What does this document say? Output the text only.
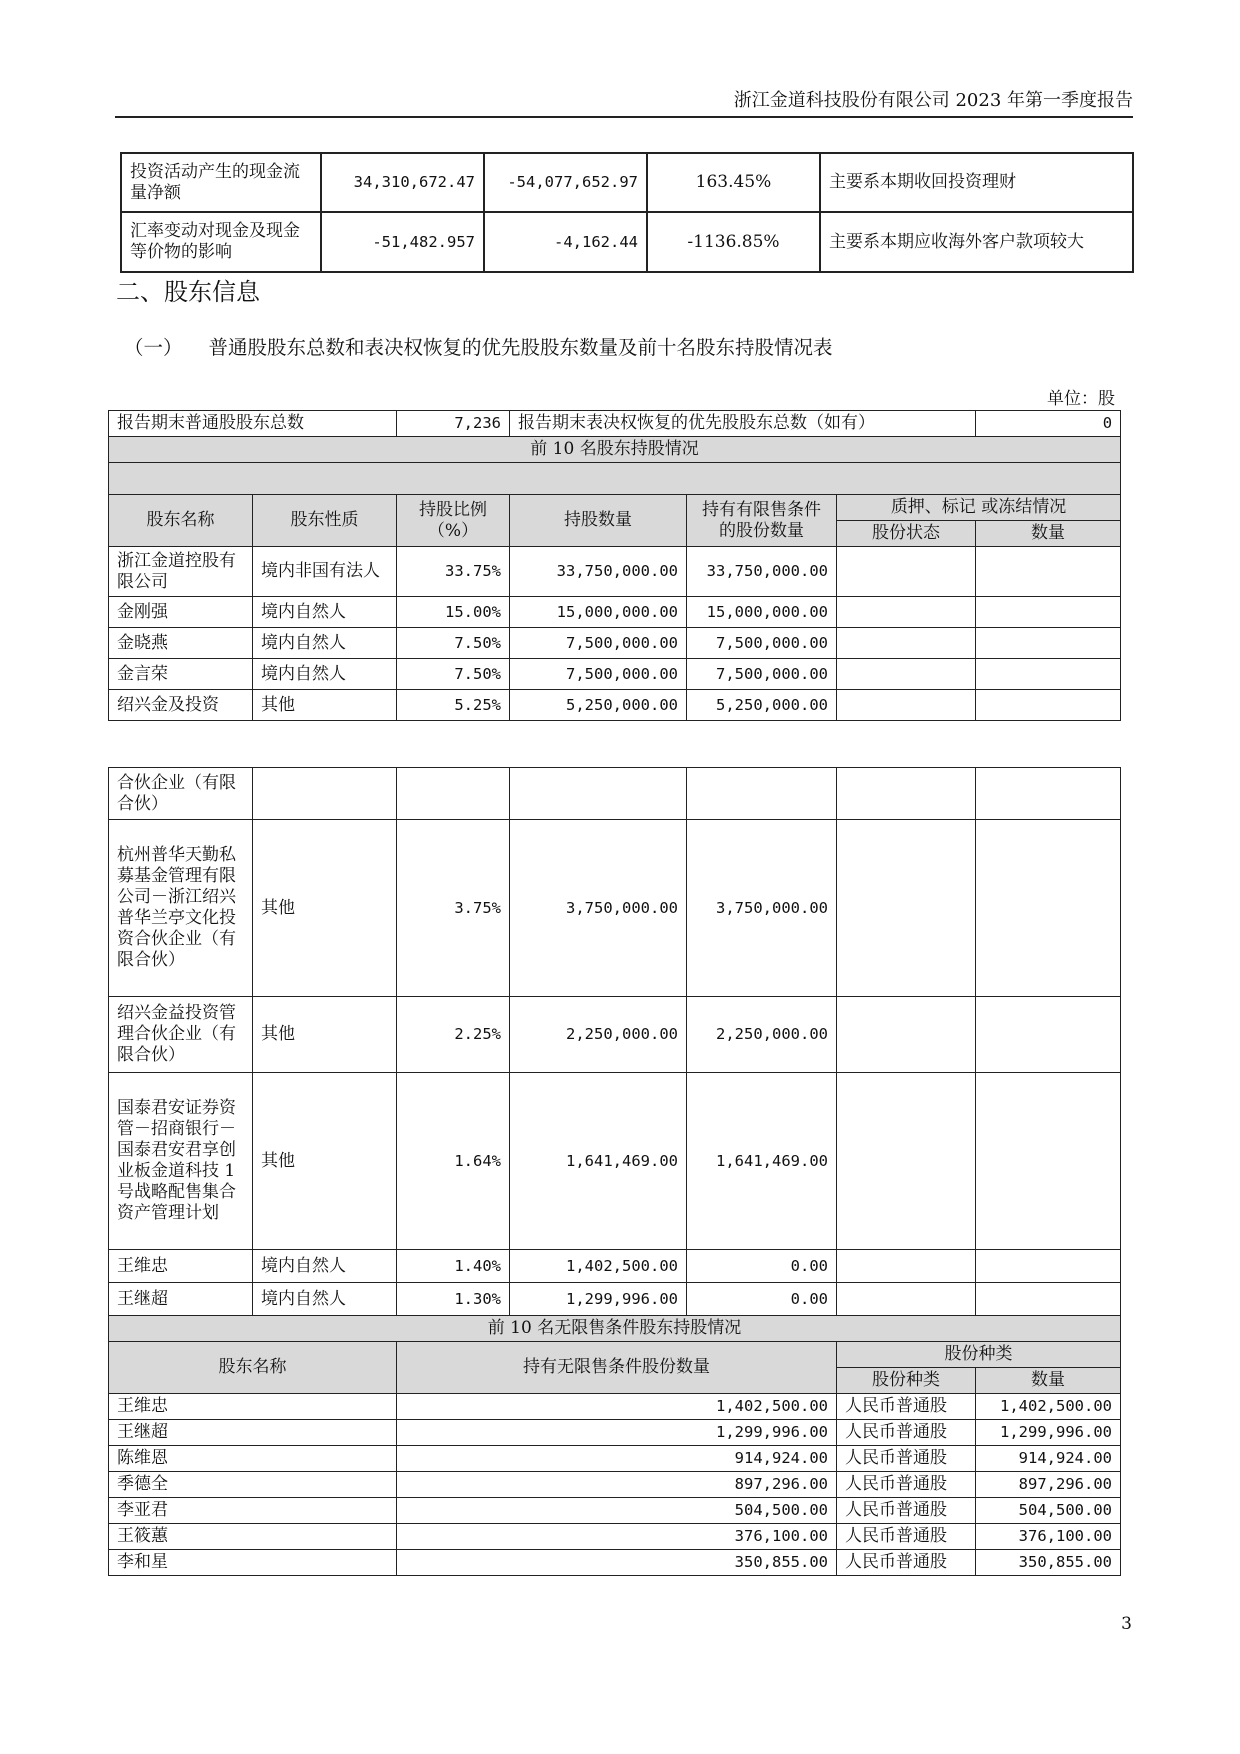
浙江金道科技股份有限公司 2023 年第一季度报告
投资活动产生的现金流量净额	34,310,672.47	-54,077,652.97	163.45%	主要系本期收回投资理财
汇率变动对现金及现金等价物的影响	-51,482.957	-4,162.44	-1136.85%	主要系本期应收海外客户款项较大
二、股东信息
（一） 普通股股东总数和表决权恢复的优先股股东数量及前十名股东持股情况表
单位：股
报告期末普通股股东总数		7,236	报告期末表决权恢复的优先股股东总数（如有）			0
前 10 名股东持股情况						

股东名称	股东性质	持股比例（%）	持股数量	持有有限售条件的股份数量	质押、标记 或冻结情况	
					股份状态	数量
浙江金道控股有限公司	境内非国有法人	33.75%	33,750,000.00	33,750,000.00		
金刚强	境内自然人	15.00%	15,000,000.00	15,000,000.00		
金晓燕	境内自然人	7.50%	7,500,000.00	7,500,000.00		
金言荣	境内自然人	7.50%	7,500,000.00	7,500,000.00		
绍兴金及投资	其他	5.25%	5,250,000.00	5,250,000.00		
合伙企业（有限合伙）						
杭州普华天勤私募基金管理有限公司－浙江绍兴普华兰亭文化投资合伙企业（有限合伙）	其他	3.75%	3,750,000.00	3,750,000.00		
绍兴金益投资管理合伙企业（有限合伙）	其他	2.25%	2,250,000.00	2,250,000.00		
国泰君安证券资管－招商银行－国泰君安君享创业板金道科技 1 号战略配售集合资产管理计划	其他	1.64%	1,641,469.00	1,641,469.00		
王维忠	境内自然人	1.40%	1,402,500.00	0.00		
王继超	境内自然人	1.30%	1,299,996.00	0.00		
前 10 名无限售条件股东持股情况						
股东名称		持有无限售条件股份数量			股份种类	
					股份种类	数量
王维忠		1,402,500.00			人民币普通股	1,402,500.00
王继超		1,299,996.00			人民币普通股	1,299,996.00
陈维恩		914,924.00			人民币普通股	914,924.00
季德全		897,296.00			人民币普通股	897,296.00
李亚君		504,500.00			人民币普通股	504,500.00
王筱蕙		376,100.00			人民币普通股	376,100.00
李和星		350,855.00			人民币普通股	350,855.00
3
